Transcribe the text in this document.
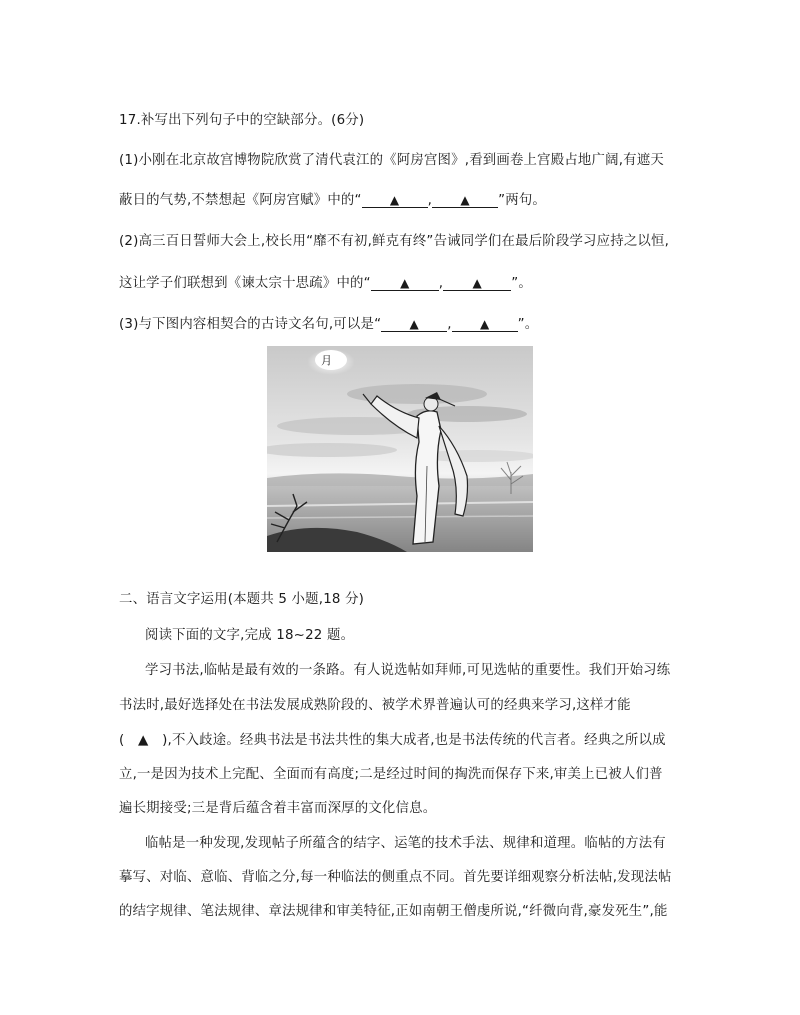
17.补写出下列句子中的空缺部分。(6分)
(1)小刚在北京故宫博物院欣赏了清代袁江的《阿房宫图》,看到画卷上宫殿占地广阔,有遮天
蔽日的气势,不禁想起《阿房宫赋》中的“ ▲ , ▲ ”两句。
(2)高三百日誓师大会上,校长用“靡不有初,鲜克有终”告诫同学们在最后阶段学习应持之以恒,
这让学子们联想到《谏太宗十思疏》中的“ ▲ , ▲ ”。
(3)与下图内容相契合的古诗文名句,可以是“ ▲ , ▲ ”。
月
二、语言文字运用(本题共 5 小题,18 分)
阅读下面的文字,完成 18~22 题。
学习书法,临帖是最有效的一条路。有人说选帖如拜师,可见选帖的重要性。我们开始习练
书法时,最好选择处在书法发展成熟阶段的、被学术界普遍认可的经典来学习,这样才能
(　▲　),不入歧途。经典书法是书法共性的集大成者,也是书法传统的代言者。经典之所以成
立,一是因为技术上完配、全面而有高度;二是经过时间的掏洗而保存下来,审美上已被人们普
遍长期接受;三是背后蕴含着丰富而深厚的文化信息。
临帖是一种发现,发现帖子所蕴含的结字、运笔的技术手法、规律和道理。临帖的方法有
摹写、对临、意临、背临之分,每一种临法的侧重点不同。首先要详细观察分析法帖,发现法帖
的结字规律、笔法规律、章法规律和审美特征,正如南朝王僧虔所说,“纤微向背,豪发死生”,能
